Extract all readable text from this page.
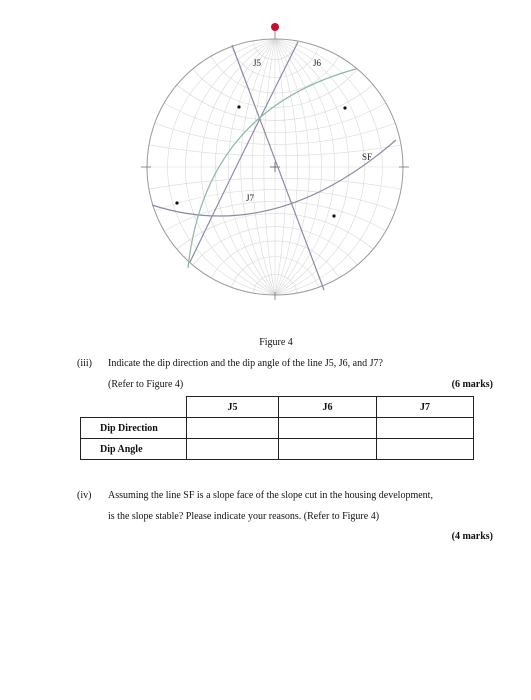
J5	J6
J7
SF
Figure 4
(iii) Indicate the dip direction and the dip angle of the line J5, J6, and J7?
(Refer to Figure 4)	(6 marks)
	J5	J6	J7
Dip Direction			
Dip Angle			
(iv) Assuming the line SF is a slope face of the slope cut in the housing development,
is the slope stable? Please indicate your reasons. (Refer to Figure 4)
(4 marks)
